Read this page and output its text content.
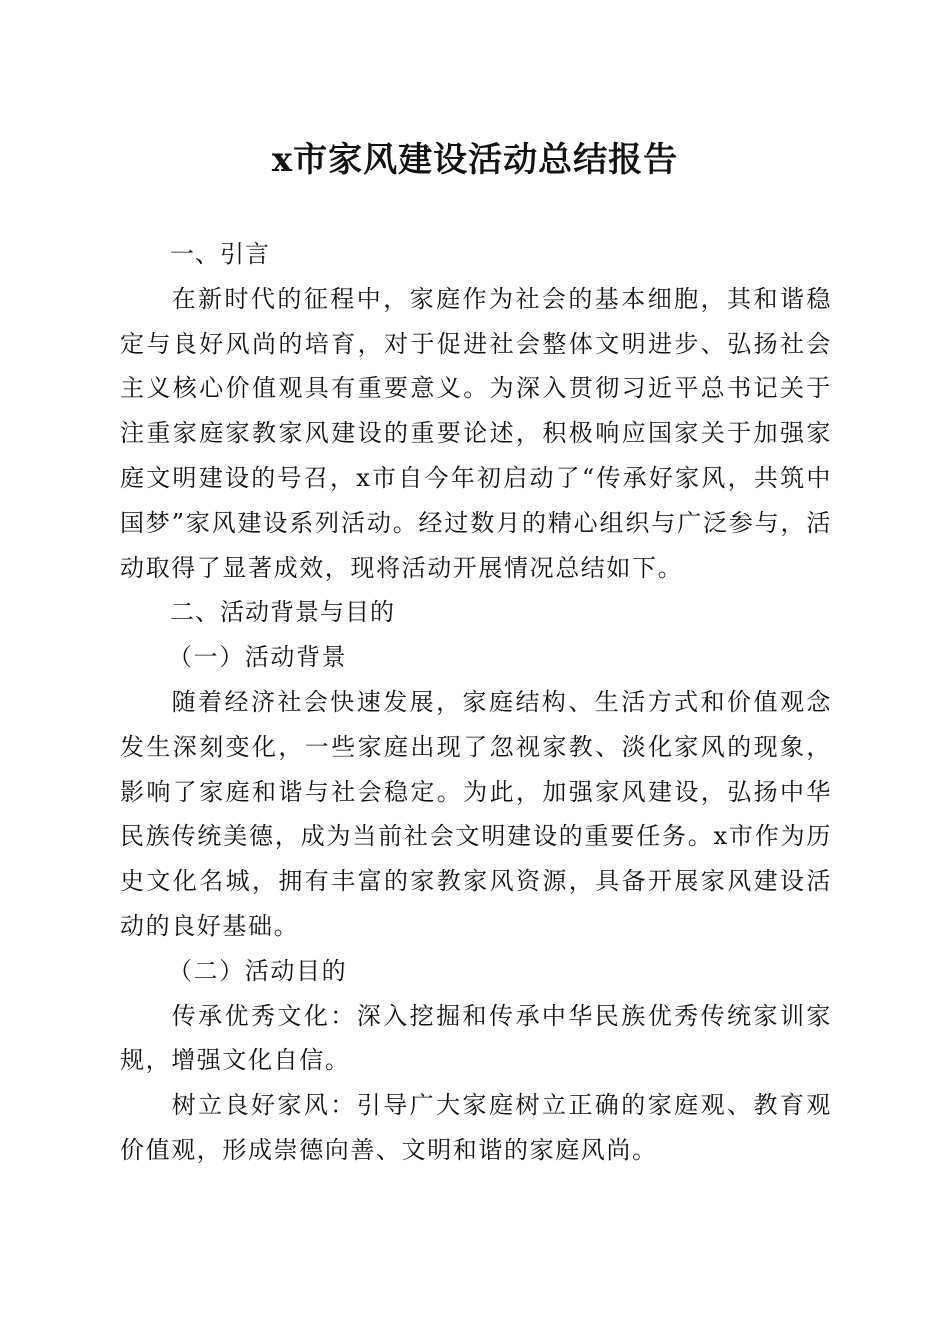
x市家风建设活动总结报告
一、引言

在新时代的征程中，家庭作为社会的基本细胞，其和谐稳定与良好风尚的培育，对于促进社会整体文明进步、弘扬社会主义核心价值观具有重要意义。为深入贯彻习近平总书记关于注重家庭家教家风建设的重要论述，积极响应国家关于加强家庭文明建设的号召，x市自今年初启动了“传承好家风，共筑中国梦”家风建设系列活动。经过数月的精心组织与广泛参与，活动取得了显著成效，现将活动开展情况总结如下。

二、活动背景与目的
（一）活动背景

随着经济社会快速发展，家庭结构、生活方式和价值观念发生深刻变化，一些家庭出现了忽视家教、淡化家风的现象，影响了家庭和谐与社会稳定。为此，加强家风建设，弘扬中华民族传统美德，成为当前社会文明建设的重要任务。x市作为历史文化名城，拥有丰富的家教家风资源，具备开展家风建设活动的良好基础。

（二）活动目的

传承优秀文化：深入挖掘和传承中华民族优秀传统家训家规，增强文化自信。

树立良好家风：引导广大家庭树立正确的家庭观、教育观价值观，形成崇德向善、文明和谐的家庭风尚。
